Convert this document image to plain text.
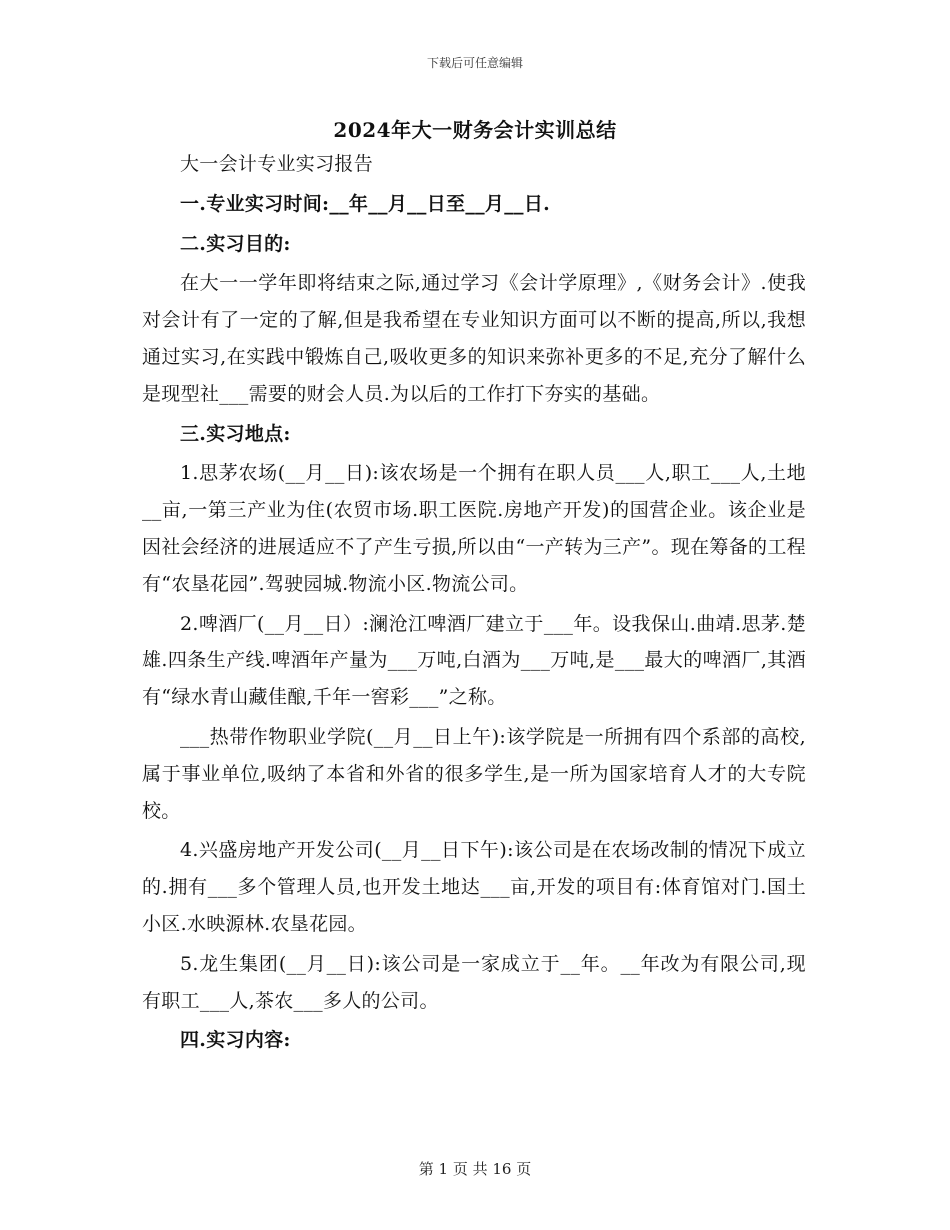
下载后可任意编辑
2024年大一财务会计实训总结

大一会计专业实习报告

一.专业实习时间:__年__月__日至__月__日.

二.实习目的:

在大一一学年即将结束之际,通过学习《会计学原理》,《财务会计》.使我对会计有了一定的了解,但是我希望在专业知识方面可以不断的提高,所以,我想通过实习,在实践中锻炼自己,吸收更多的知识来弥补更多的不足,充分了解什么是现型社___需要的财会人员.为以后的工作打下夯实的基础。

三.实习地点:

1.思茅农场(__月__日):该农场是一个拥有在职人员___人,职工___人,土地__亩,一第三产业为住(农贸市场.职工医院.房地产开发)的国营企业。该企业是因社会经济的进展适应不了产生亏损,所以由“一产转为三产”。现在筹备的工程有“农垦花园”.驾驶园城.物流小区.物流公司。

2.啤酒厂(__月__日）:澜沧江啤酒厂建立于___年。设我保山.曲靖.思茅.楚雄.四条生产线.啤酒年产量为___万吨,白酒为___万吨,是___最大的啤酒厂,其酒有“绿水青山藏佳酿,千年一窖彩___”之称。

___热带作物职业学院(__月__日上午):该学院是一所拥有四个系部的高校,属于事业单位,吸纳了本省和外省的很多学生,是一所为国家培育人才的大专院校。

4.兴盛房地产开发公司(__月__日下午):该公司是在农场改制的情况下成立的.拥有___多个管理人员,也开发土地达___亩,开发的项目有:体育馆对门.国土小区.水映源林.农垦花园。

5.龙生集团(__月__日):该公司是一家成立于__年。__年改为有限公司,现有职工___人,茶农___多人的公司。

四.实习内容:

第 1 页 共 16 页
